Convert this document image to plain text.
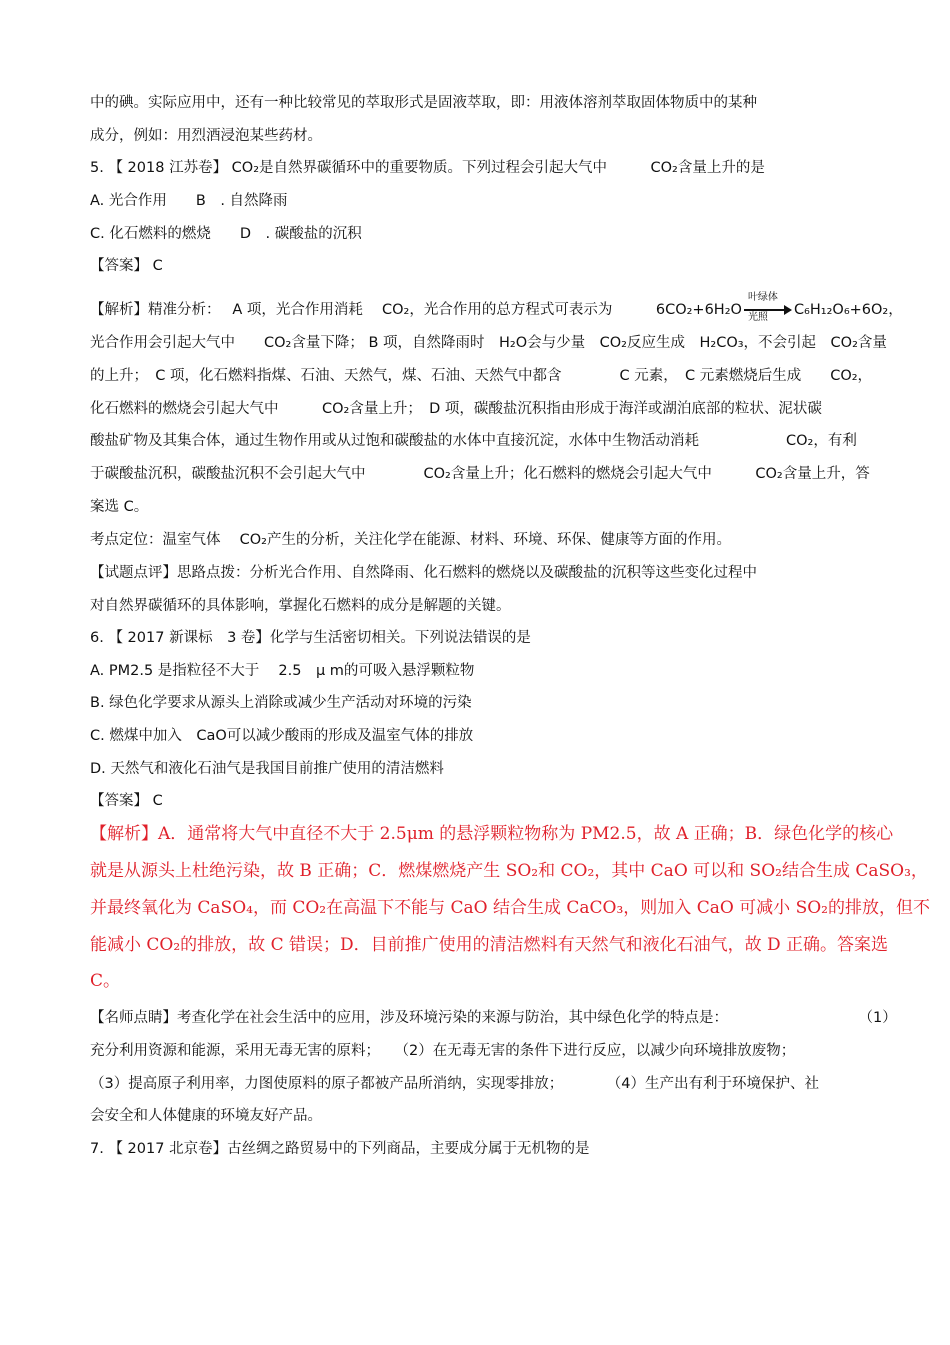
中的碘。实际应用中，还有一种比较常见的萃取形式是固液萃取，即：用液体溶剂萃取固体物质中的某种
成分，例如：用烈酒浸泡某些药材。
5. 【 2018 江苏卷】 CO₂是自然界碳循环中的重要物质。下列过程会引起大气中　　　CO₂含量上升的是
A. 光合作用　　B　. 自然降雨
C. 化石燃料的燃烧　　D　. 碳酸盐的沉积
【答案】 C
【解析】精准分析：　 A 项，光合作用消耗　 CO₂，光合作用的总方程式可表示为　　　6CO₂+6H₂O
叶绿体
光照 C₆H₁₂O₆+6O₂，
光合作用会引起大气中　　CO₂含量下降； B 项，自然降雨时　H₂O会与少量　CO₂反应生成　H₂CO₃，不会引起　CO₂含量
的上升；　C 项，化石燃料指煤、石油、天然气，煤、石油、天然气中都含　　　　C 元素，　C 元素燃烧后生成　　CO₂，
化石燃料的燃烧会引起大气中　　　CO₂含量上升；　D 项，碳酸盐沉积指由形成于海洋或湖泊底部的粒状、泥状碳
酸盐矿物及其集合体，通过生物作用或从过饱和碳酸盐的水体中直接沉淀，水体中生物活动消耗　　　　　　CO₂，有利
于碳酸盐沉积，碳酸盐沉积不会引起大气中　　　　CO₂含量上升；化石燃料的燃烧会引起大气中　　　CO₂含量上升，答
案选 C。
考点定位：温室气体　 CO₂产生的分析，关注化学在能源、材料、环境、环保、健康等方面的作用。
【试题点评】思路点拨：分析光合作用、自然降雨、化石燃料的燃烧以及碳酸盐的沉积等这些变化过程中
对自然界碳循环的具体影响，掌握化石燃料的成分是解题的关键。
6. 【 2017 新课标　3 卷】化学与生活密切相关。下列说法错误的是
A. PM2.5 是指粒径不大于　 2.5　μ m的可吸入悬浮颗粒物
B. 绿色化学要求从源头上消除或减少生产活动对环境的污染
C. 燃煤中加入　CaO可以减少酸雨的形成及温室气体的排放
D. 天然气和液化石油气是我国目前推广使用的清洁燃料
【答案】 C
【解析】A．通常将大气中直径不大于 2.5μm 的悬浮颗粒物称为 PM2.5，故 A 正确；B．绿色化学的核心
就是从源头上杜绝污染，故 B 正确；C．燃煤燃烧产生 SO₂和 CO₂，其中 CaO 可以和 SO₂结合生成 CaSO₃，
并最终氧化为 CaSO₄，而 CO₂在高温下不能与 CaO 结合生成 CaCO₃，则加入 CaO 可减小 SO₂的排放，但不
能减小 CO₂的排放，故 C 错误；D．目前推广使用的清洁燃料有天然气和液化石油气，故 D 正确。答案选
C。
【名师点睛】考查化学在社会生活中的应用，涉及环境污染的来源与防治，其中绿色化学的特点是：　　　　　　　　　　（1）
充分利用资源和能源，采用无毒无害的原料；　　（2）在无毒无害的条件下进行反应，以减少向环境排放废物；
（3）提高原子利用率，力图使原料的原子都被产品所消纳，实现零排放；　　　　（4）生产出有利于环境保护、社
会安全和人体健康的环境友好产品。
7. 【 2017 北京卷】古丝绸之路贸易中的下列商品，主要成分属于无机物的是
